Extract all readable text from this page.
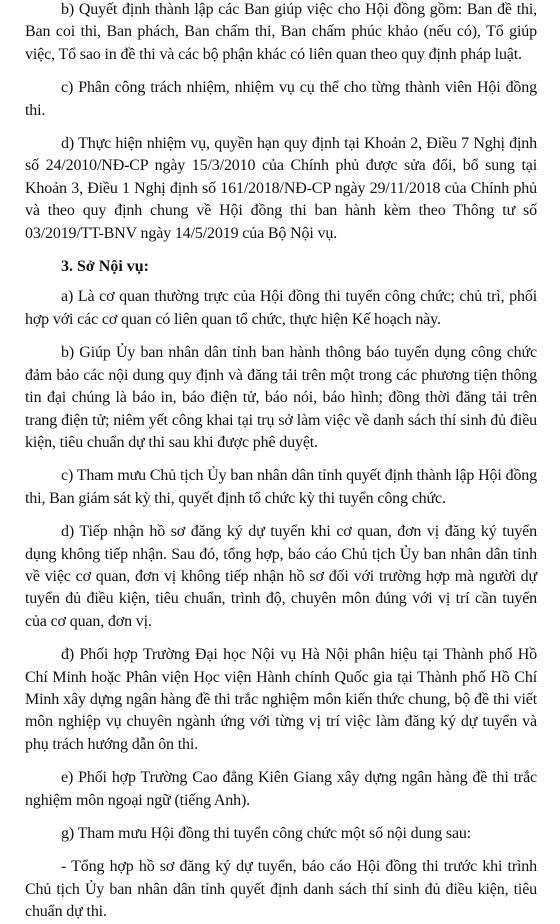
b) Quyết định thành lập các Ban giúp việc cho Hội đồng gồm: Ban đề thi, Ban coi thi, Ban phách, Ban chấm thi, Ban chấm phúc khảo (nếu có), Tổ giúp việc, Tổ sao in đề thi và các bộ phận khác có liên quan theo quy định pháp luật.

c) Phân công trách nhiệm, nhiệm vụ cụ thể cho từng thành viên Hội đồng thi.

d) Thực hiện nhiệm vụ, quyền hạn quy định tại Khoản 2, Điều 7 Nghị định số 24/2010/NĐ-CP ngày 15/3/2010 của Chính phủ được sửa đổi, bổ sung tại Khoản 3, Điều 1 Nghị định số 161/2018/NĐ-CP ngày 29/11/2018 của Chính phủ và theo quy định chung về Hội đồng thi ban hành kèm theo Thông tư số 03/2019/TT-BNV ngày 14/5/2019 của Bộ Nội vụ.

3. Sở Nội vụ:

a) Là cơ quan thường trực của Hội đồng thi tuyển công chức; chủ trì, phối hợp với các cơ quan có liên quan tổ chức, thực hiện Kế hoạch này.

b) Giúp Ủy ban nhân dân tỉnh ban hành thông báo tuyển dụng công chức đảm bảo các nội dung quy định và đăng tải trên một trong các phương tiện thông tin đại chúng là báo in, báo điện tử, báo nói, báo hình; đồng thời đăng tải trên trang điện tử; niêm yết công khai tại trụ sở làm việc về danh sách thí sinh đủ điều kiện, tiêu chuẩn dự thi sau khi được phê duyệt.

c) Tham mưu Chủ tịch Ủy ban nhân dân tỉnh quyết định thành lập Hội đồng thi, Ban giám sát kỳ thi, quyết định tổ chức kỳ thi tuyển công chức.

d) Tiếp nhận hồ sơ đăng ký dự tuyển khi cơ quan, đơn vị đăng ký tuyển dụng không tiếp nhận. Sau đó, tổng hợp, báo cáo Chủ tịch Ủy ban nhân dân tỉnh về việc cơ quan, đơn vị không tiếp nhận hồ sơ đối với trường hợp mà người dự tuyển đủ điều kiện, tiêu chuẩn, trình độ, chuyên môn đúng với vị trí cần tuyển của cơ quan, đơn vị.

đ) Phối hợp Trường Đại học Nội vụ Hà Nội phân hiệu tại Thành phố Hồ Chí Minh hoặc Phân viện Học viện Hành chính Quốc gia tại Thành phố Hồ Chí Minh xây dựng ngân hàng đề thi trắc nghiệm môn kiến thức chung, bộ đề thi viết môn nghiệp vụ chuyên ngành ứng với từng vị trí việc làm đăng ký dự tuyển và phụ trách hướng dẫn ôn thi.

e) Phối hợp Trường Cao đẳng Kiên Giang xây dựng ngân hàng đề thi trắc nghiệm môn ngoại ngữ (tiếng Anh).

g) Tham mưu Hội đồng thi tuyển công chức một số nội dung sau:

- Tổng hợp hồ sơ đăng ký dự tuyển, báo cáo Hội đồng thi trước khi trình Chủ tịch Ủy ban nhân dân tỉnh quyết định danh sách thí sinh đủ điều kiện, tiêu chuẩn dự thi.
